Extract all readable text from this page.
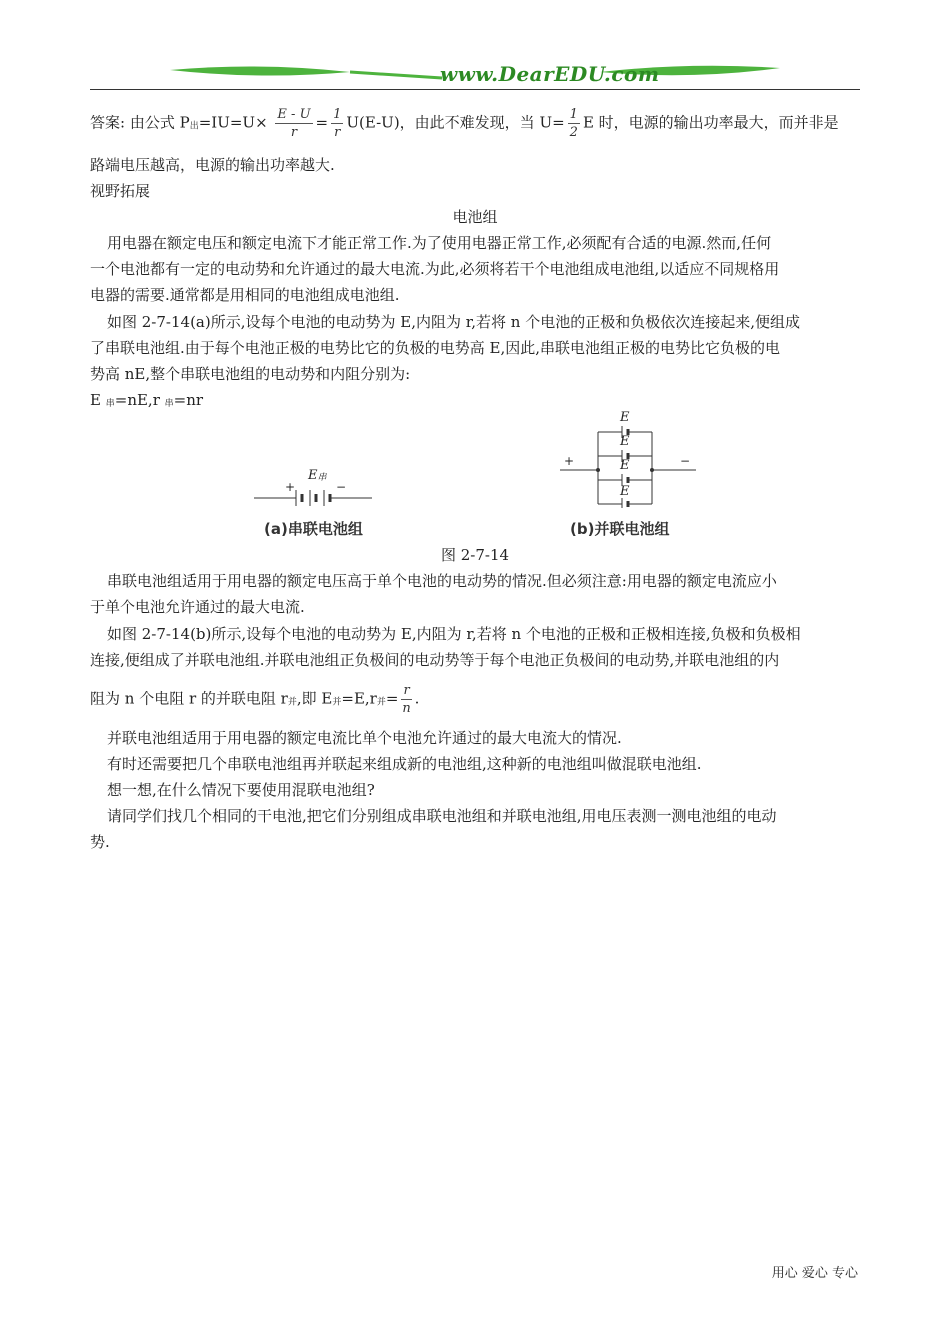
www.DearEDU.com
答案: 由公式 $P_出=IU=U\times \frac{E - U}{r} = \frac{1}{r} U(E-U)$，由此不难发现，当 $U= \frac{1}{2}$ E 时，电源的输出功率最大，而并非是
路端电压越高，电源的输出功率越大.
视野拓展
电池组
用电器在额定电压和额定电流下才能正常工作.为了使用电器正常工作,必须配有合适的电源.然而,任何
一个电池都有一定的电动势和允许通过的最大电流.为此,必须将若干个电池组成电池组,以适应不同规格用
电器的需要.通常都是用相同的电池组成电池组.
如图 2-7-14(a)所示,设每个电池的电动势为 E,内阻为 r,若将 n 个电池的正极和负极依次连接起来,便组成
了串联电池组.由于每个电池正极的电势比它的负极的电势高 E,因此,串联电池组正极的电势比它负极的电
势高 nE,整个串联电池组的电动势和内阻分别为:
E $_串$=nE,r $_串$=nr
$E_串$
+	−
(a)串联电池组
E
E
E
E
+	−
(b)并联电池组
图 2-7-14
串联电池组适用于用电器的额定电压高于单个电池的电动势的情况.但必须注意:用电器的额定电流应小
于单个电池允许通过的最大电流.
如图 2-7-14(b)所示,设每个电池的电动势为 E,内阻为 r,若将 n 个电池的正极和正极相连接,负极和负极相
连接,便组成了并联电池组.并联电池组正负极间的电动势等于每个电池正负极间的电动势,并联电池组的内
阻为 n 个电阻 r 的并联电阻 $r_并$,即 $E_并=E,r_并= \frac{r}{n}$ .
并联电池组适用于用电器的额定电流比单个电池允许通过的最大电流大的情况.
有时还需要把几个串联电池组再并联起来组成新的电池组,这种新的电池组叫做混联电池组.
想一想,在什么情况下要使用混联电池组?
请同学们找几个相同的干电池,把它们分别组成串联电池组和并联电池组,用电压表测一测电池组的电动
势.
用心 爱心 专心
